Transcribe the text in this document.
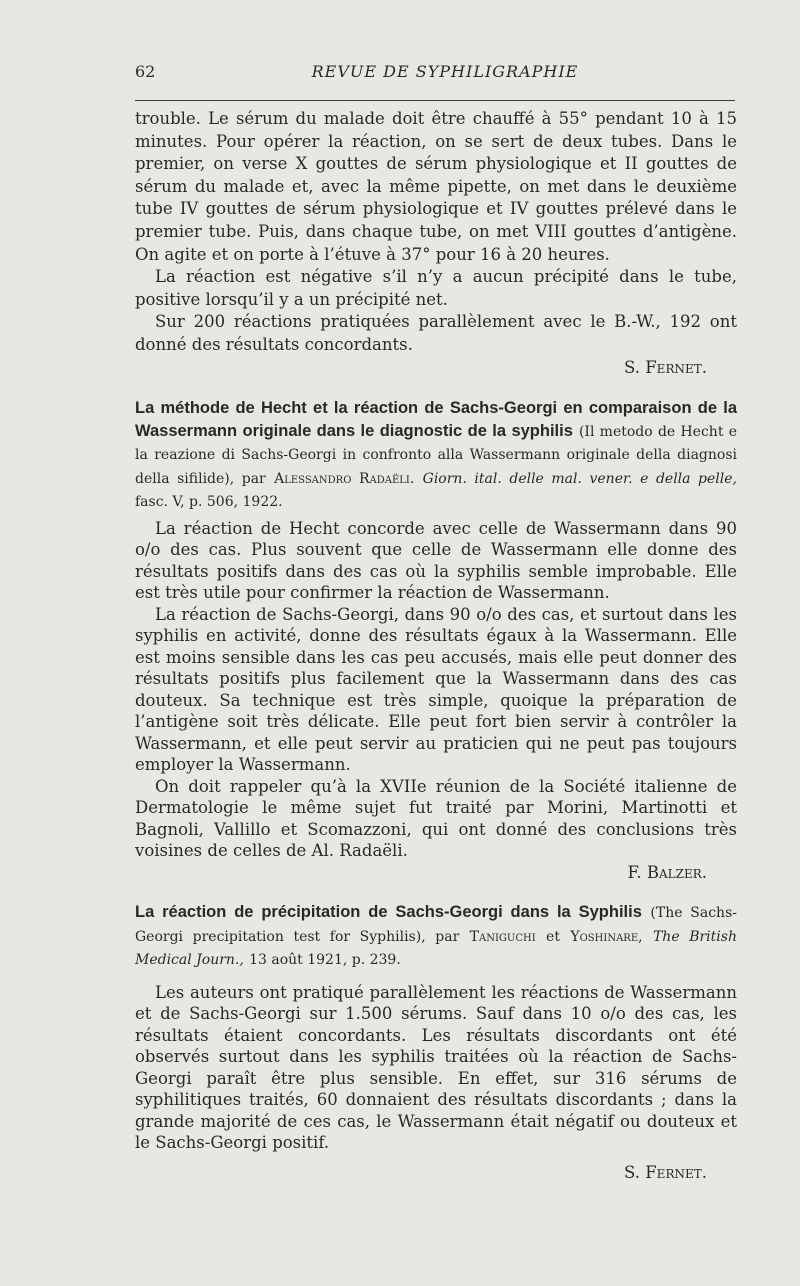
62	REVUE DE SYPHILIGRAPHIE

trouble. Le sérum du malade doit être chauffé à 55° pendant 10 à 15 minutes. Pour opérer la réaction, on se sert de deux tubes. Dans le premier, on verse X gouttes de sérum physiologique et II gouttes de sérum du malade et, avec la même pipette, on met dans le deuxième tube IV gouttes de sérum physiologique et IV gouttes prélevé dans le premier tube. Puis, dans chaque tube, on met VIII gouttes d’antigène. On agite et on porte à l’étuve à 37° pour 16 à 20 heures.

La réaction est négative s’il n’y a aucun précipité dans le tube, positive lorsqu’il y a un précipité net.

Sur 200 réactions pratiquées parallèlement avec le B.-W., 192 ont donné des résultats concordants.

S. Fernet.

La méthode de Hecht et la réaction de Sachs-Georgi en comparaison de la Wassermann originale dans le diagnostic de la syphilis (Il metodo de Hecht e la reazione di Sachs-Georgi in confronto alla Wassermann originale della diagnosi della sifilide), par Alessandro Radaëli. Giorn. ital. delle mal. vener. e della pelle, fasc. V, p. 506, 1922.

La réaction de Hecht concorde avec celle de Wassermann dans 90 o/o des cas. Plus souvent que celle de Wassermann elle donne des résultats positifs dans des cas où la syphilis semble improbable. Elle est très utile pour confirmer la réaction de Wassermann.

La réaction de Sachs-Georgi, dans 90 o/o des cas, et surtout dans les syphilis en activité, donne des résultats égaux à la Wassermann. Elle est moins sensible dans les cas peu accusés, mais elle peut donner des résultats positifs plus facilement que la Wassermann dans des cas douteux. Sa technique est très simple, quoique la préparation de l’antigène soit très délicate. Elle peut fort bien servir à contrôler la Wassermann, et elle peut servir au praticien qui ne peut pas toujours employer la Wassermann.

On doit rappeler qu’à la XVIIe réunion de la Société italienne de Dermatologie le même sujet fut traité par Morini, Martinotti et Bagnoli, Vallillo et Scomazzoni, qui ont donné des conclusions très voisines de celles de Al. Radaëli.

F. Balzer.

La réaction de précipitation de Sachs-Georgi dans la Syphilis (The Sachs-Georgi precipitation test for Syphilis), par Taniguchi et Yoshinare, The British Medical Journ., 13 août 1921, p. 239.

Les auteurs ont pratiqué parallèlement les réactions de Wassermann et de Sachs-Georgi sur 1.500 sérums. Sauf dans 10 o/o des cas, les résultats étaient concordants. Les résultats discordants ont été observés surtout dans les syphilis traitées où la réaction de Sachs-Georgi paraît être plus sensible. En effet, sur 316 sérums de syphilitiques traités, 60 donnaient des résultats discordants ; dans la grande majorité de ces cas, le Wassermann était négatif ou douteux et le Sachs-Georgi positif.

S. Fernet.
